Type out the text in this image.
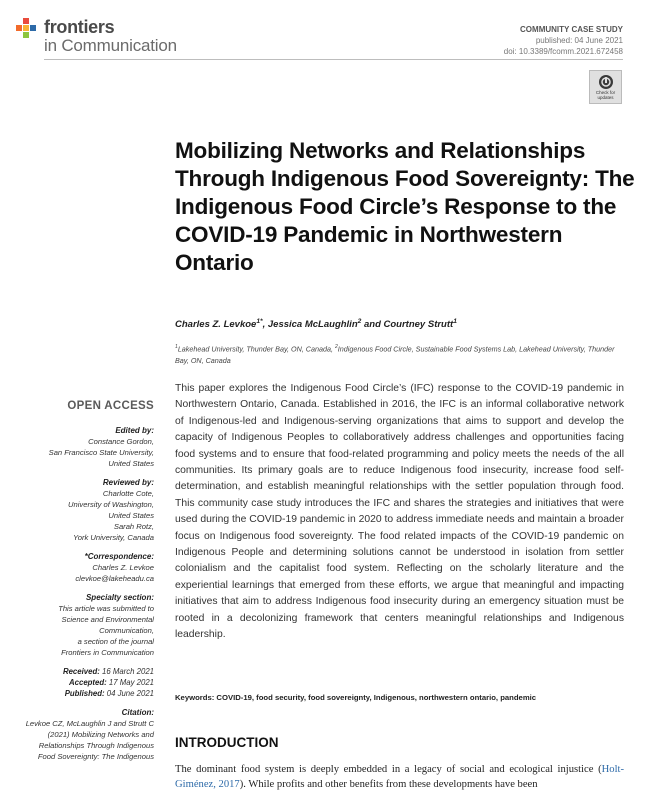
frontiers
in Communication
COMMUNITY CASE STUDY
published: 04 June 2021
doi: 10.3389/fcomm.2021.672458
Check for updates
Mobilizing Networks and Relationships Through Indigenous Food Sovereignty: The Indigenous Food Circle’s Response to the COVID-19 Pandemic in Northwestern Ontario
Charles Z. Levkoe$^{1*}$, Jessica McLaughlin$^2$ and Courtney Strutt$^1$
$^1$Lakehead University, Thunder Bay, ON, Canada, $^2$Indigenous Food Circle, Sustainable Food Systems Lab, Lakehead University, Thunder Bay, ON, Canada
OPEN ACCESS
Edited by:
Constance Gordon,
San Francisco State University,
United States
Reviewed by:
Charlotte Cote,
University of Washington,
United States
Sarah Rotz,
York University, Canada
*Correspondence:
Charles Z. Levkoe
clevkoe@lakeheadu.ca
Specialty section:
This article was submitted to
Science and Environmental
Communication,
a section of the journal
Frontiers in Communication
Received: 16 March 2021
Accepted: 17 May 2021
Published: 04 June 2021
Citation:
Levkoe CZ, McLaughlin J and Strutt C
(2021) Mobilizing Networks and
Relationships Through Indigenous
Food Sovereignty: The Indigenous

This paper explores the Indigenous Food Circle’s (IFC) response to the COVID-19 pandemic in Northwestern Ontario, Canada. Established in 2016, the IFC is an informal collaborative network of Indigenous-led and Indigenous-serving organizations that aims to support and develop the capacity of Indigenous Peoples to collaboratively address challenges and opportunities facing food systems and to ensure that food-related programming and policy meets the needs of the all communities. Its primary goals are to reduce Indigenous food insecurity, increase food self-determination, and establish meaningful relationships with the settler population through food. This community case study introduces the IFC and shares the strategies and initiatives that were used during the COVID-19 pandemic in 2020 to address immediate needs and maintain a broader focus on Indigenous food sovereignty. The food related impacts of the COVID-19 pandemic on Indigenous People and determining solutions cannot be understood in isolation from settler colonialism and the capitalist food system. Reflecting on the scholarly literature and the experiential learnings that emerged from these efforts, we argue that meaningful and impacting initiatives that aim to address Indigenous food insecurity during an emergency situation must be rooted in a decolonizing framework that centers meaningful relationships and Indigenous leadership.

Keywords: COVID-19, food security, food sovereignty, Indigenous, northwestern ontario, pandemic
INTRODUCTION

The dominant food system is deeply embedded in a legacy of social and ecological injustice (Holt-Giménez, 2017). While profits and other benefits from these developments have been
